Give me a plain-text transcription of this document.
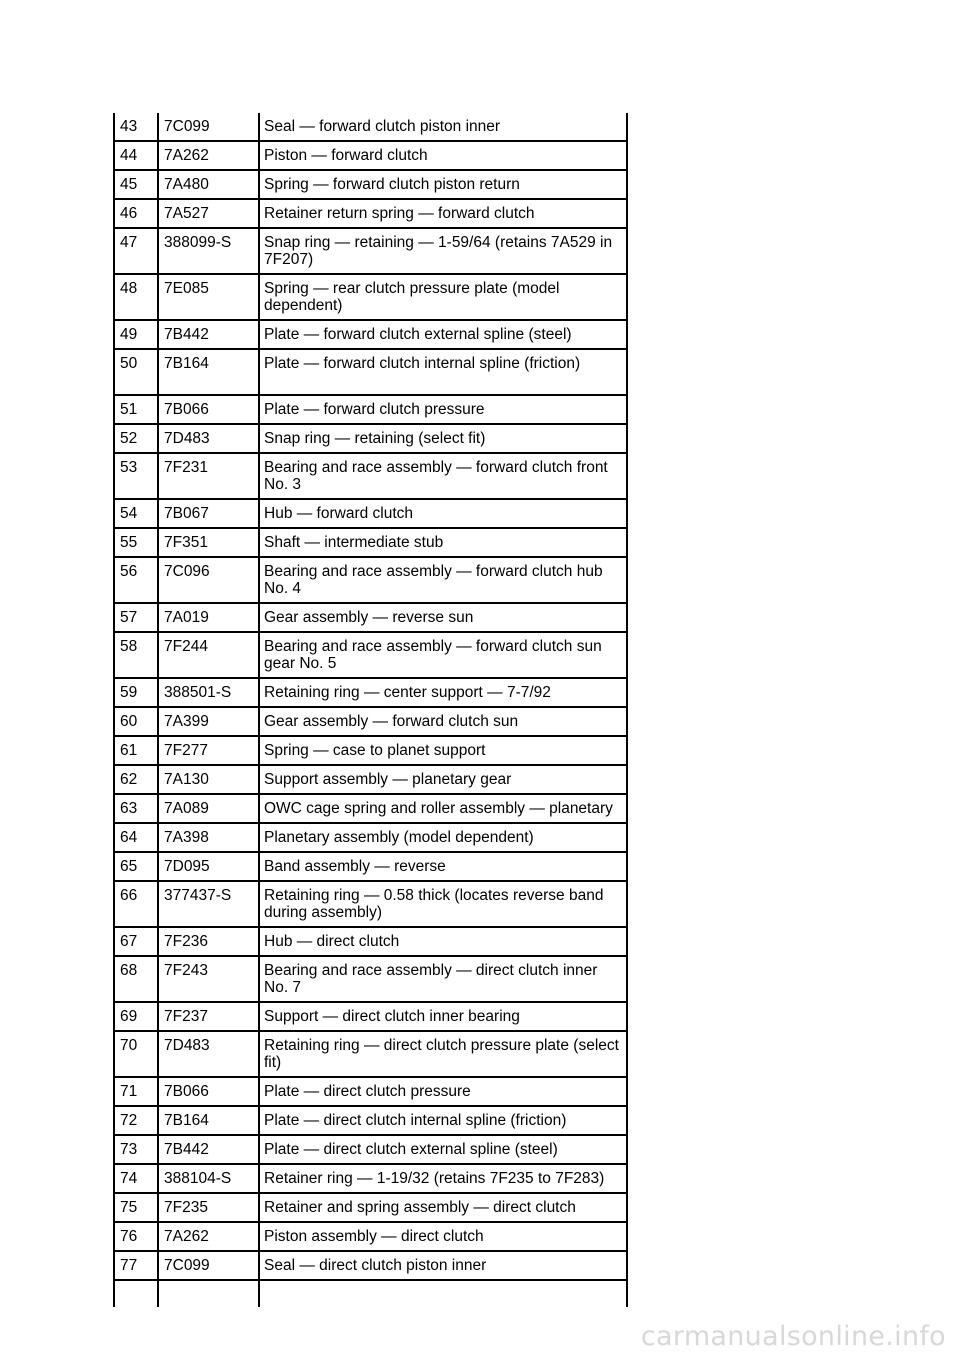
43	7C099	Seal — forward clutch piston inner
44	7A262	Piston — forward clutch
45	7A480	Spring — forward clutch piston return
46	7A527	Retainer return spring — forward clutch
47	388099-S	Snap ring — retaining — 1-59/64 (retains 7A529 in 7F207)
48	7E085	Spring — rear clutch pressure plate (model dependent)
49	7B442	Plate — forward clutch external spline (steel)
50	7B164	Plate — forward clutch internal spline (friction)
51	7B066	Plate — forward clutch pressure
52	7D483	Snap ring — retaining (select fit)
53	7F231	Bearing and race assembly — forward clutch front No. 3
54	7B067	Hub — forward clutch
55	7F351	Shaft — intermediate stub
56	7C096	Bearing and race assembly — forward clutch hub No. 4
57	7A019	Gear assembly — reverse sun
58	7F244	Bearing and race assembly — forward clutch sun gear No. 5
59	388501-S	Retaining ring — center support — 7-7/92
60	7A399	Gear assembly — forward clutch sun
61	7F277	Spring — case to planet support
62	7A130	Support assembly — planetary gear
63	7A089	OWC cage spring and roller assembly — planetary
64	7A398	Planetary assembly (model dependent)
65	7D095	Band assembly — reverse
66	377437-S	Retaining ring — 0.58 thick (locates reverse band during assembly)
67	7F236	Hub — direct clutch
68	7F243	Bearing and race assembly — direct clutch inner No. 7
69	7F237	Support — direct clutch inner bearing
70	7D483	Retaining ring — direct clutch pressure plate (select fit)
71	7B066	Plate — direct clutch pressure
72	7B164	Plate — direct clutch internal spline (friction)
73	7B442	Plate — direct clutch external spline (steel)
74	388104-S	Retainer ring — 1-19/32 (retains 7F235 to 7F283)
75	7F235	Retainer and spring assembly — direct clutch
76	7A262	Piston assembly — direct clutch
77	7C099	Seal — direct clutch piston inner

carmanualsonline.info
